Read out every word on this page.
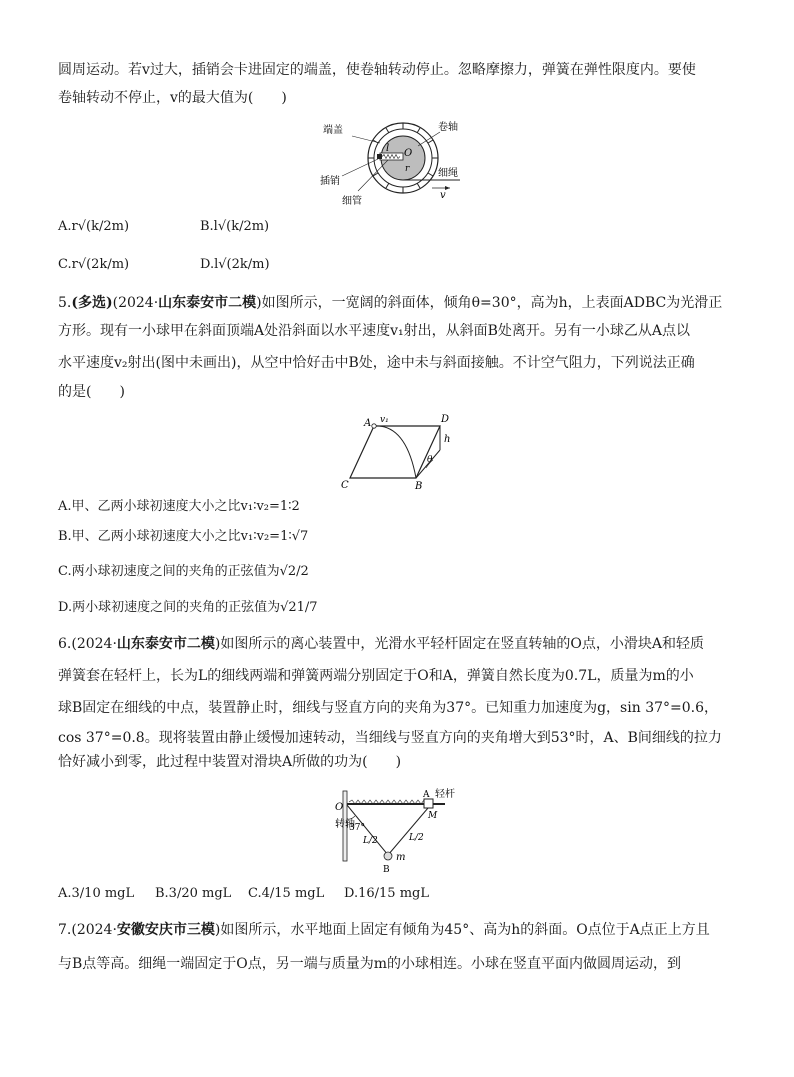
圆周运动。若v过大，插销会卡进固定的端盖，使卷轴转动停止。忽略摩擦力，弹簧在弹性限度内。要使
卷轴转动不停止，v的最大值为(　　)
端盖	卷轴
插销
细管
细绳
l O
r
v
A.r√(k/2m)	B.l√(k/2m)
C.r√(2k/m)	D.l√(2k/m)
5.(多选)(2024·山东泰安市二模)如图所示，一宽阔的斜面体，倾角θ=30°，高为h，上表面ADBC为光滑正
方形。现有一小球甲在斜面顶端A处沿斜面以水平速度v₁射出，从斜面B处离开。另有一小球乙从A点以
水平速度v₂射出(图中未画出)，从空中恰好击中B处，途中未与斜面接触。不计空气阻力，下列说法正确
的是(　　)
A v₁	D
h
θ
C	B
A.甲、乙两小球初速度大小之比v₁∶v₂=1∶2
B.甲、乙两小球初速度大小之比v₁∶v₂=1∶√7
C.两小球初速度之间的夹角的正弦值为√2/2
D.两小球初速度之间的夹角的正弦值为√21/7
6.(2024·山东泰安市二模)如图所示的离心装置中，光滑水平轻杆固定在竖直转轴的O点，小滑块A和轻质
弹簧套在轻杆上，长为L的细线两端和弹簧两端分别固定于O和A，弹簧自然长度为0.7L，质量为m的小
球B固定在细线的中点，装置静止时，细线与竖直方向的夹角为37°。已知重力加速度为g，sin 37°=0.6，
cos 37°=0.8。现将装置由静止缓慢加速转动，当细线与竖直方向的夹角增大到53°时，A、B间细线的拉力
恰好减小到零，此过程中装置对滑块A所做的功为(　　)
O
A 轻杆
M
转轴
37°
L/2	L/2
m
B
A.3/10 mgL B.3/20 mgL C.4/15 mgL D.16/15 mgL
7.(2024·安徽安庆市三模)如图所示，水平地面上固定有倾角为45°、高为h的斜面。O点位于A点正上方且
与B点等高。细绳一端固定于O点，另一端与质量为m的小球相连。小球在竖直平面内做圆周运动，到
